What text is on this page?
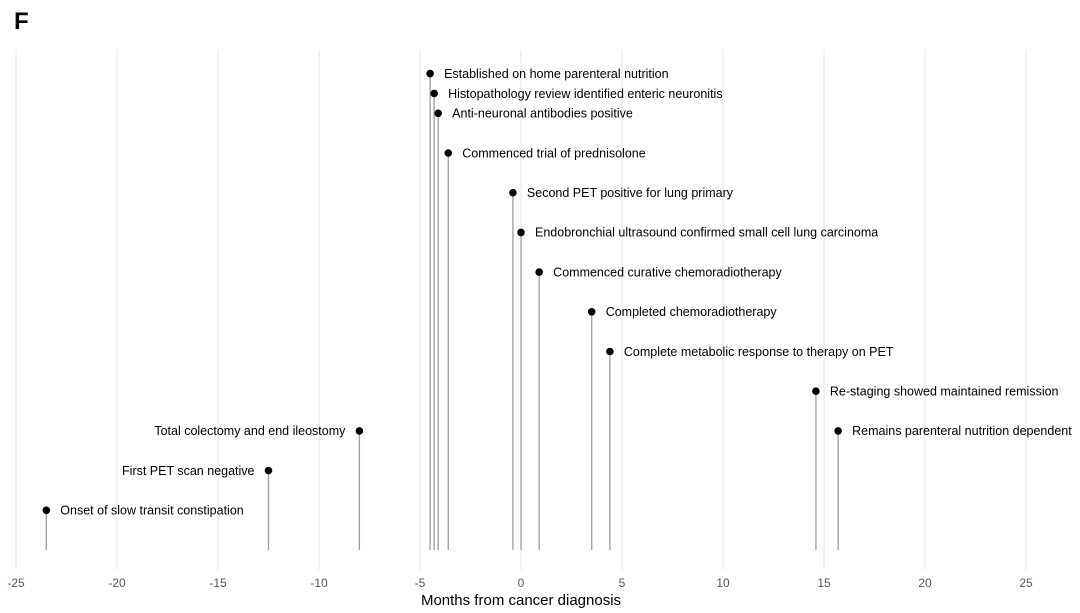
F
Established on home parenteral nutrition
Histopathology review identified enteric neuronitis
Anti-neuronal antibodies positive
Commenced trial of prednisolone
Second PET positive for lung primary
Endobronchial ultrasound confirmed small cell lung carcinoma
Commenced curative chemoradiotherapy
Completed chemoradiotherapy
Complete metabolic response to therapy on PET
Re-staging showed maintained remission
Remains parenteral nutrition dependent
Total colectomy and end ileostomy
First PET scan negative
Onset of slow transit constipation
-25	-20	-15	-10	-5	0	5	10	15	20	25
Months from cancer diagnosis
